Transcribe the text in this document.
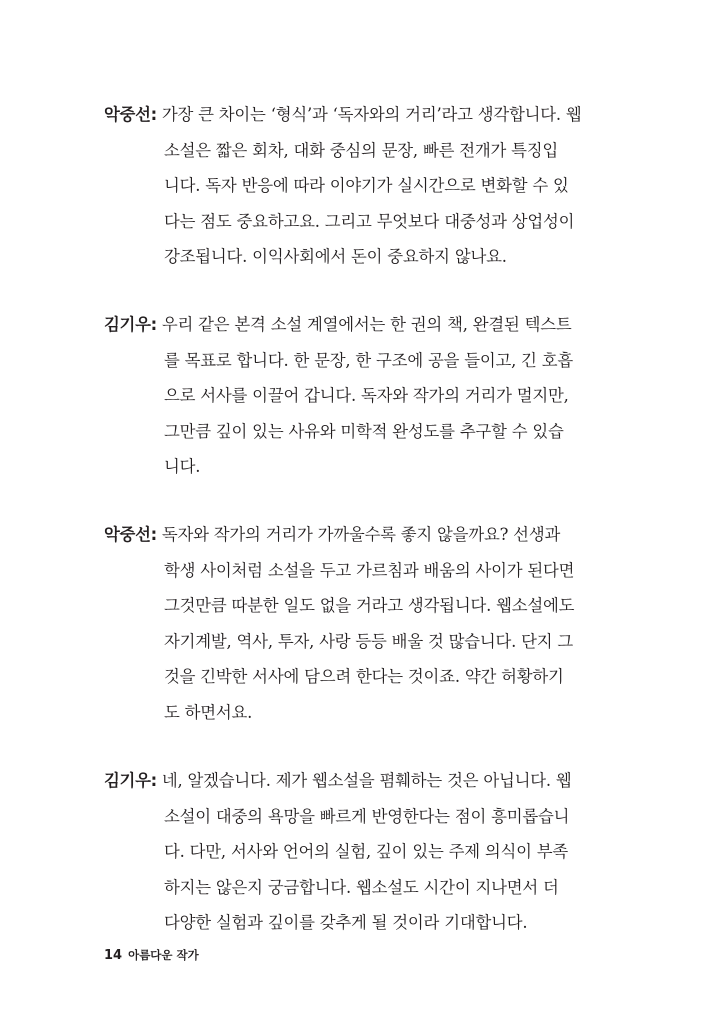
악중선: 가장 큰 차이는 ‘형식’과 ‘독자와의 거리’라고 생각합니다. 웹
소설은 짧은 회차, 대화 중심의 문장, 빠른 전개가 특징입
니다. 독자 반응에 따라 이야기가 실시간으로 변화할 수 있
다는 점도 중요하고요. 그리고 무엇보다 대중성과 상업성이
강조됩니다. 이익사회에서 돈이 중요하지 않나요.
김기우: 우리 같은 본격 소설 계열에서는 한 권의 책, 완결된 텍스트
를 목표로 합니다. 한 문장, 한 구조에 공을 들이고, 긴 호흡
으로 서사를 이끌어 갑니다. 독자와 작가의 거리가 멀지만,
그만큼 깊이 있는 사유와 미학적 완성도를 추구할 수 있습
니다.
악중선: 독자와 작가의 거리가 가까울수록 좋지 않을까요? 선생과
학생 사이처럼 소설을 두고 가르침과 배움의 사이가 된다면
그것만큼 따분한 일도 없을 거라고 생각됩니다. 웹소설에도
자기계발, 역사, 투자, 사랑 등등 배울 것 많습니다. 단지 그
것을 긴박한 서사에 담으려 한다는 것이죠. 약간 허황하기
도 하면서요.
김기우: 네, 알겠습니다. 제가 웹소설을 폄훼하는 것은 아닙니다. 웹
소설이 대중의 욕망을 빠르게 반영한다는 점이 흥미롭습니
다. 다만, 서사와 언어의 실험, 깊이 있는 주제 의식이 부족
하지는 않은지 궁금합니다. 웹소설도 시간이 지나면서 더
다양한 실험과 깊이를 갖추게 될 것이라 기대합니다.
14 아름다운 작가
